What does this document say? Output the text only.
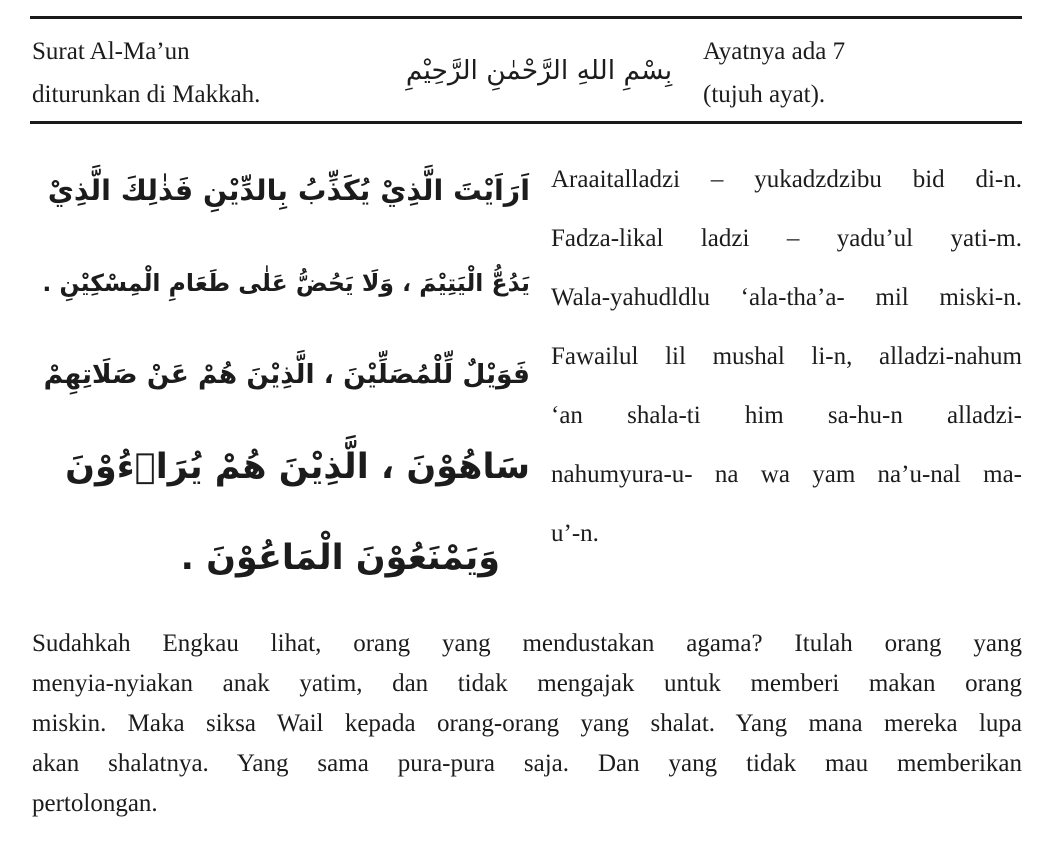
Surat Al-Ma’un
diturunkan di Makkah.
بِسْمِ اللهِ الرَّحْمٰنِ الرَّحِيْمِ
Ayatnya ada 7
(tujuh ayat).
اَرَاَيْتَ الَّذِيْ يُكَذِّبُ بِالدِّيْنِ فَذٰلِكَ الَّذِيْ
يَدُعُّ الْيَتِيْمَ ، وَلَا يَحُضُّ عَلٰى طَعَامِ الْمِسْكِيْنِ .
فَوَيْلٌ لِّلْمُصَلِّيْنَ ، الَّذِيْنَ هُمْ عَنْ صَلَاتِهِمْ
سَاهُوْنَ ، الَّذِيْنَ هُمْ يُرَاۤءُوْنَ
وَيَمْنَعُوْنَ الْمَاعُوْنَ .
Araaitalladzi – yukadzdzibu bid di-n.
Fadza-likal ladzi – yadu’ul yati-m.
Wala-yahudldlu ‘ala-tha’a- mil miski-n.
Fawailul lil mushal li-n, alladzi-nahum
‘an shala-ti him sa-hu-n alladzi-
nahumyura-u- na wa yam na’u-nal ma-
u’-n.
Sudahkah Engkau lihat, orang yang mendustakan agama? Itulah orang yang
menyia-nyiakan anak yatim, dan tidak mengajak untuk memberi makan orang
miskin. Maka siksa Wail kepada orang-orang yang shalat. Yang mana mereka lupa
akan shalatnya. Yang sama pura-pura saja. Dan yang tidak mau memberikan
pertolongan.
